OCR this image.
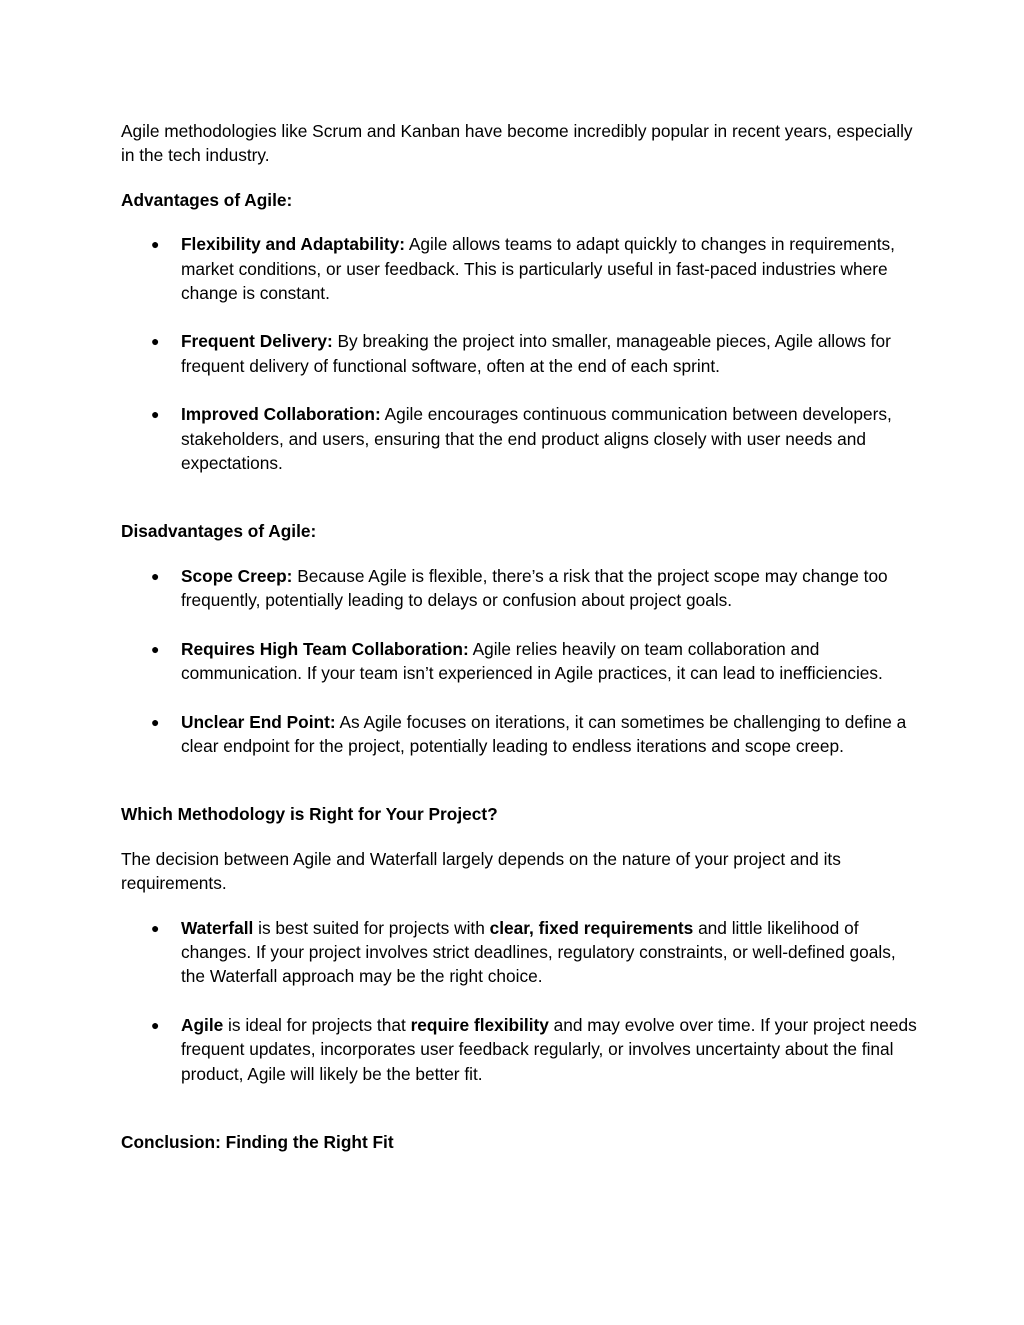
Agile methodologies like Scrum and Kanban have become incredibly popular in recent years, especially in the tech industry.

Advantages of Agile:

● Flexibility and Adaptability: Agile allows teams to adapt quickly to changes in requirements, market conditions, or user feedback. This is particularly useful in fast-paced industries where change is constant.
● Frequent Delivery: By breaking the project into smaller, manageable pieces, Agile allows for frequent delivery of functional software, often at the end of each sprint.
● Improved Collaboration: Agile encourages continuous communication between developers, stakeholders, and users, ensuring that the end product aligns closely with user needs and expectations.

Disadvantages of Agile:

● Scope Creep: Because Agile is flexible, there’s a risk that the project scope may change too frequently, potentially leading to delays or confusion about project goals.
● Requires High Team Collaboration: Agile relies heavily on team collaboration and communication. If your team isn’t experienced in Agile practices, it can lead to inefficiencies.
● Unclear End Point: As Agile focuses on iterations, it can sometimes be challenging to define a clear endpoint for the project, potentially leading to endless iterations and scope creep.

Which Methodology is Right for Your Project?

The decision between Agile and Waterfall largely depends on the nature of your project and its requirements.

● Waterfall is best suited for projects with clear, fixed requirements and little likelihood of changes. If your project involves strict deadlines, regulatory constraints, or well-defined goals, the Waterfall approach may be the right choice.
● Agile is ideal for projects that require flexibility and may evolve over time. If your project needs frequent updates, incorporates user feedback regularly, or involves uncertainty about the final product, Agile will likely be the better fit.

Conclusion: Finding the Right Fit
